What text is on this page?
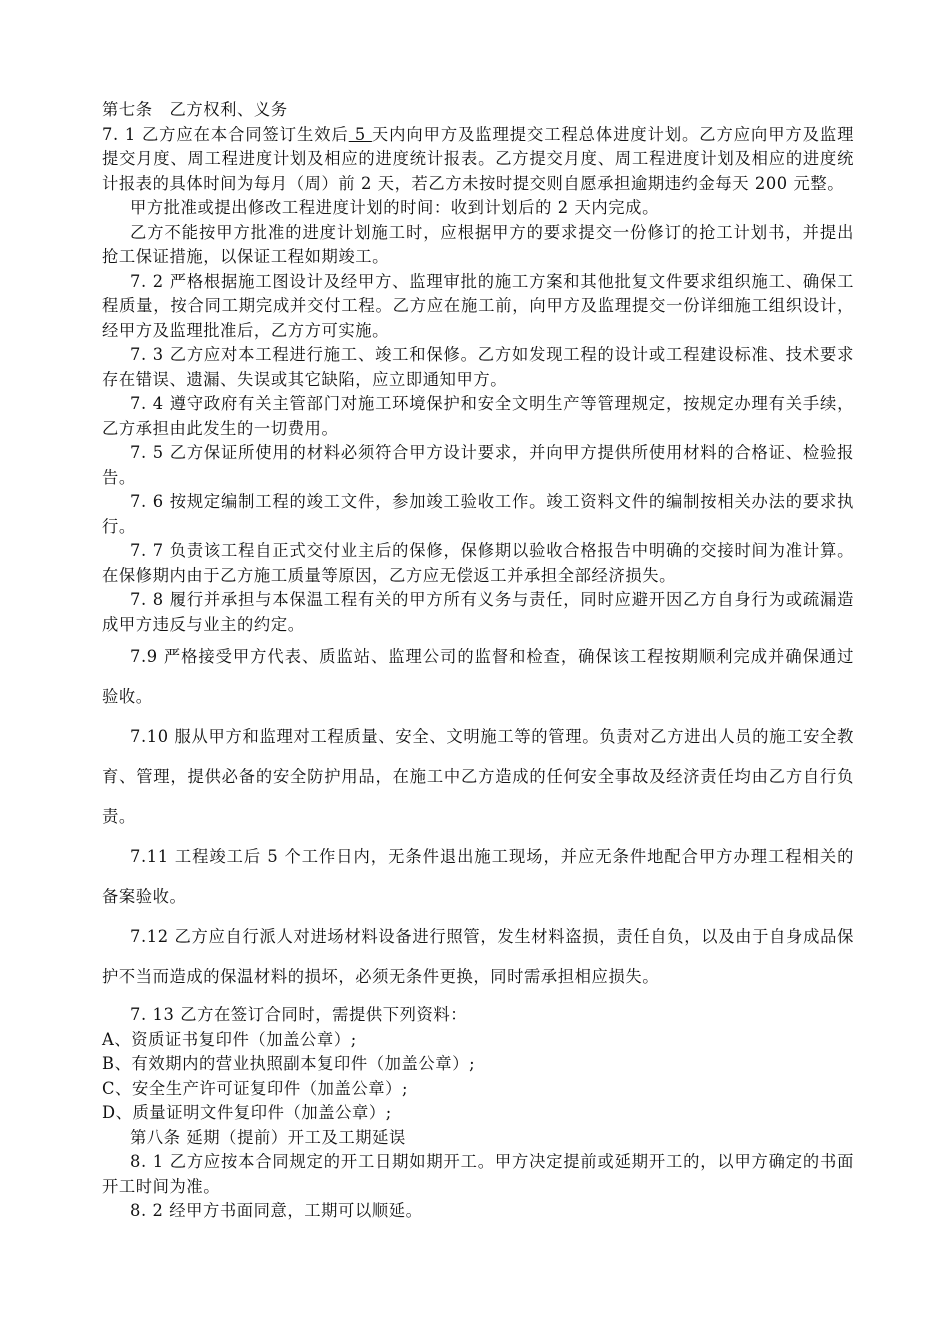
第七条　乙方权利、义务

7. 1 乙方应在本合同签订生效后 5 天内向甲方及监理提交工程总体进度计划。乙方应向甲方及监理提交月度、周工程进度计划及相应的进度统计报表。乙方提交月度、周工程进度计划及相应的进度统计报表的具体时间为每月（周）前 2 天，若乙方未按时提交则自愿承担逾期违约金每天 200 元整。

甲方批准或提出修改工程进度计划的时间：收到计划后的 2 天内完成。

乙方不能按甲方批准的进度计划施工时，应根据甲方的要求提交一份修订的抢工计划书，并提出抢工保证措施，以保证工程如期竣工。

7. 2 严格根据施工图设计及经甲方、监理审批的施工方案和其他批复文件要求组织施工、确保工程质量，按合同工期完成并交付工程。乙方应在施工前，向甲方及监理提交一份详细施工组织设计，经甲方及监理批准后，乙方方可实施。

7. 3 乙方应对本工程进行施工、竣工和保修。乙方如发现工程的设计或工程建设标准、技术要求存在错误、遗漏、失误或其它缺陷，应立即通知甲方。

7. 4 遵守政府有关主管部门对施工环境保护和安全文明生产等管理规定，按规定办理有关手续，乙方承担由此发生的一切费用。

7. 5 乙方保证所使用的材料必须符合甲方设计要求，并向甲方提供所使用材料的合格证、检验报告。

7. 6 按规定编制工程的竣工文件，参加竣工验收工作。竣工资料文件的编制按相关办法的要求执行。

7. 7 负责该工程自正式交付业主后的保修，保修期以验收合格报告中明确的交接时间为准计算。在保修期内由于乙方施工质量等原因，乙方应无偿返工并承担全部经济损失。

7. 8 履行并承担与本保温工程有关的甲方所有义务与责任，同时应避开因乙方自身行为或疏漏造成甲方违反与业主的约定。

7.9 严格接受甲方代表、质监站、监理公司的监督和检查，确保该工程按期顺利完成并确保通过验收。

7.10 服从甲方和监理对工程质量、安全、文明施工等的管理。负责对乙方进出人员的施工安全教育、管理，提供必备的安全防护用品，在施工中乙方造成的任何安全事故及经济责任均由乙方自行负责。

7.11 工程竣工后 5 个工作日内，无条件退出施工现场，并应无条件地配合甲方办理工程相关的备案验收。

7.12 乙方应自行派人对进场材料设备进行照管，发生材料盗损，责任自负，以及由于自身成品保护不当而造成的保温材料的损坏，必须无条件更换，同时需承担相应损失。

7. 13 乙方在签订合同时，需提供下列资料：

A、资质证书复印件（加盖公章）;

B、有效期内的营业执照副本复印件（加盖公章）;

C、安全生产许可证复印件（加盖公章）;

D、质量证明文件复印件（加盖公章）;

第八条 延期（提前）开工及工期延误

8. 1 乙方应按本合同规定的开工日期如期开工。甲方决定提前或延期开工的，以甲方确定的书面开工时间为准。

8. 2 经甲方书面同意，工期可以顺延。
